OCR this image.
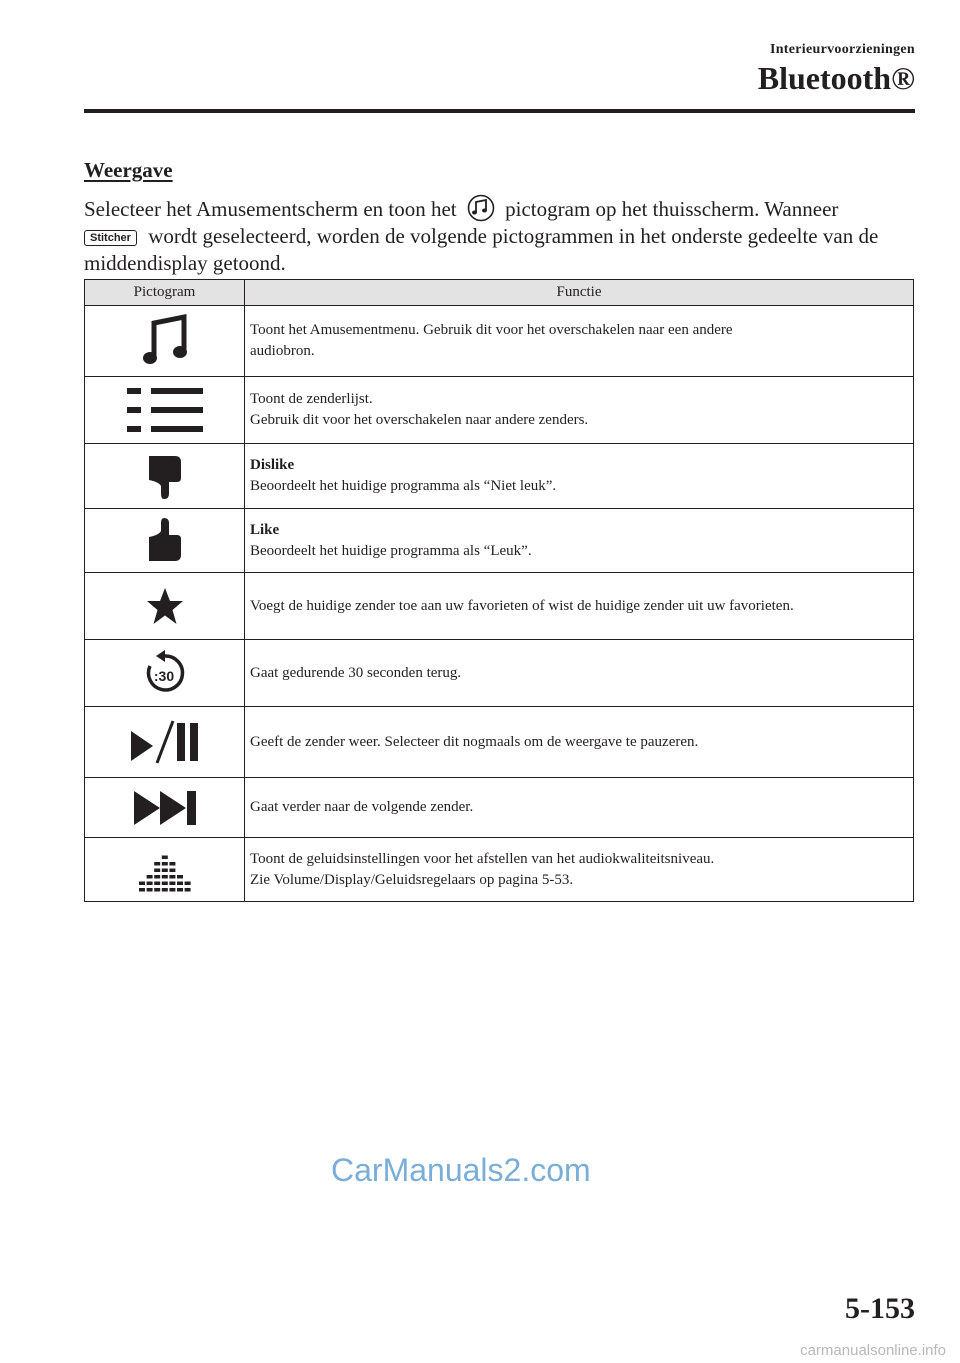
Interieurvoorzieningen
Bluetooth®
Weergave
Selecteer het Amusementscherm en toon het pictogram op het thuisscherm. Wanneer
Stitcher wordt geselecteerd, worden de volgende pictogrammen in het onderste gedeelte van de middendisplay getoond.
Pictogram	Functie

Toont het Amusementmenu. Gebruik dit voor het overschakelen naar een andere
audiobron.

Toont de zenderlijst.
Gebruik dit voor het overschakelen naar andere zenders.

Dislike
Beoordeelt het huidige programma als “Niet leuk”.

Like
Beoordeelt het huidige programma als “Leuk”.

Voegt de huidige zender toe aan uw favorieten of wist de huidige zender uit uw favorieten.

:30	Gaat gedurende 30 seconden terug.

Geeft de zender weer. Selecteer dit nogmaals om de weergave te pauzeren.

Gaat verder naar de volgende zender.

Toont de geluidsinstellingen voor het afstellen van het audiokwaliteitsniveau.
Zie Volume/Display/Geluidsregelaars op pagina 5-53.
CarManuals2.com
5-153
carmanualsonline.info
